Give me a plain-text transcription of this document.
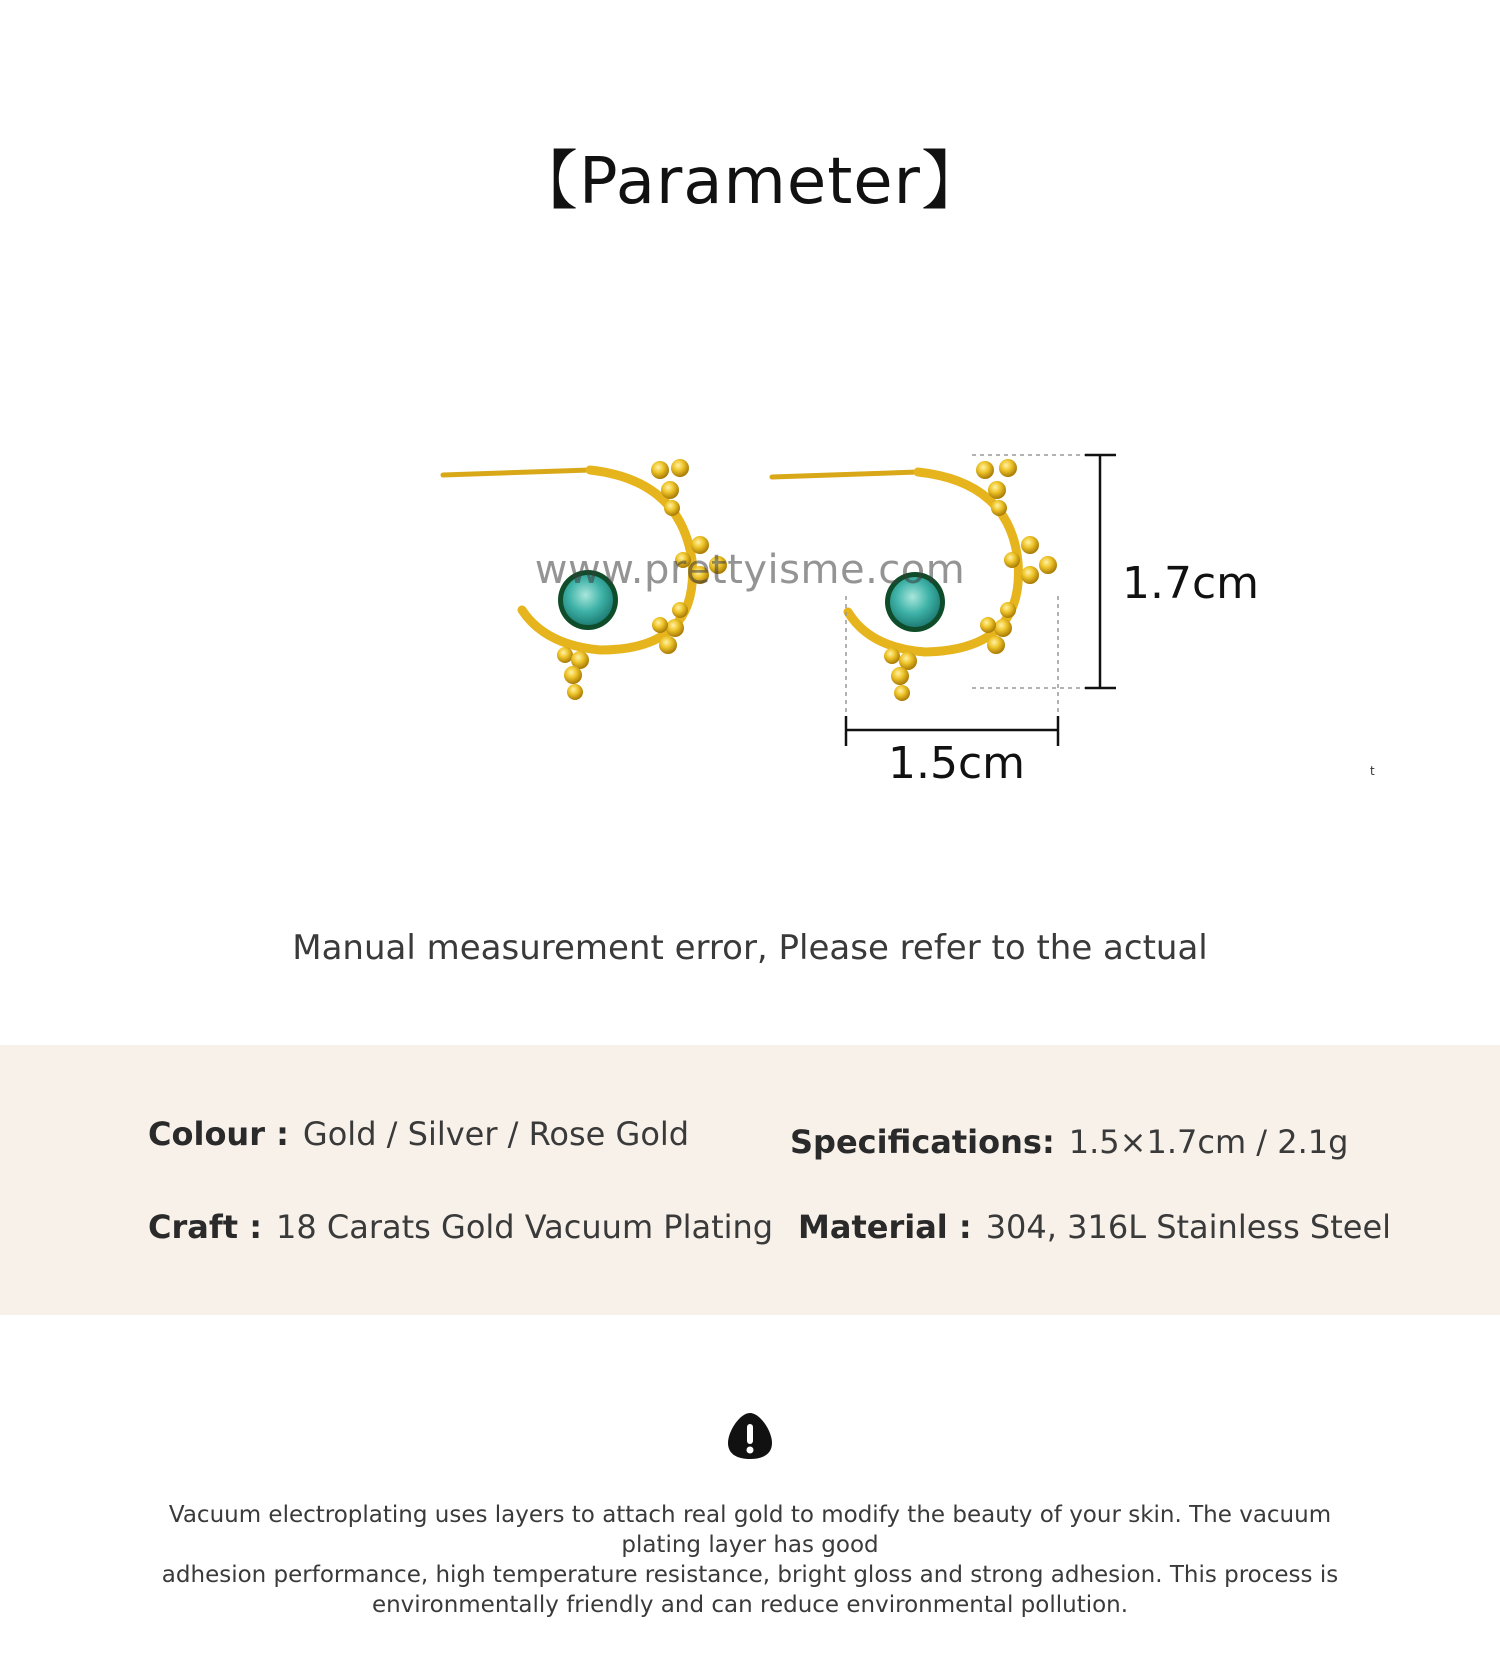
【Parameter】
1.7cm
1.5cm
www.prettyisme.com
t
Manual measurement error, Please refer to the actual
Colour : Gold / Silver / Rose Gold	Specifications: 1.5×1.7cm / 2.1g
Craft : 18 Carats Gold Vacuum Plating Material : 304, 316L Stainless Steel
Vacuum electroplating uses layers to attach real gold to modify the beauty of your skin. The vacuum plating layer has good
adhesion performance, high temperature resistance, bright gloss and strong adhesion. This process is
environmentally friendly and can reduce environmental pollution.
